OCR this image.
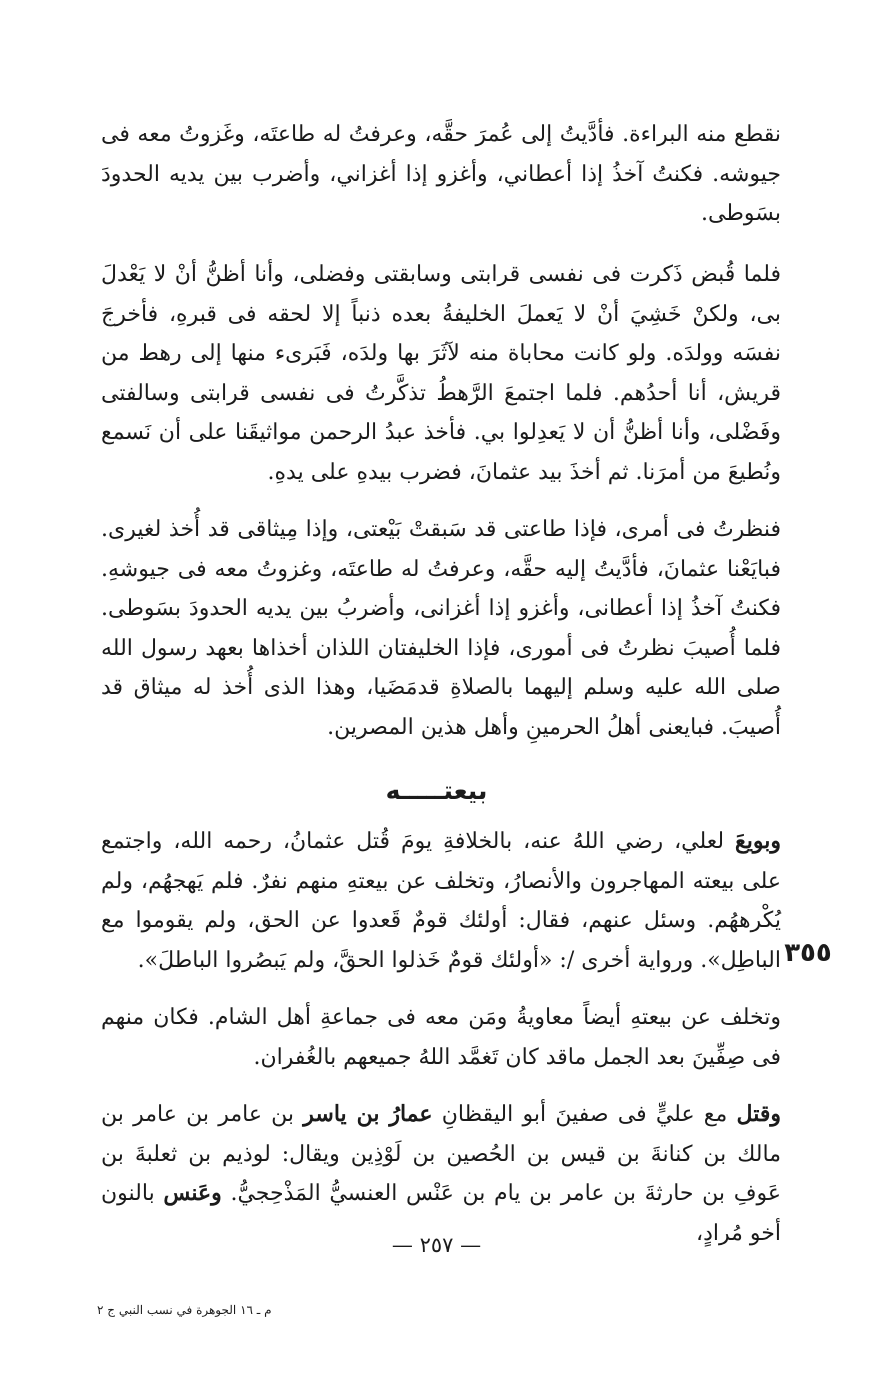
نقطع منه البراءة. فأدَّيتُ إلى عُمرَ حقَّه، وعرفتُ له طاعتَه، وغَزوتُ معه فى جيوشه. فكنتُ آخذُ إذا أعطاني، وأغزو إذا أغزاني، وأضرب بين يديه الحدودَ بسَوطى.

فلما قُبض ذَكرت فى نفسى قرابتى وسابقتى وفضلى، وأنا أظنُّ أنْ لا يَعْدلَ بى، ولكنْ خَشِيَ أنْ لا يَعملَ الخليفةُ بعده ذنباً إلا لحقه فى قبرهِ، فأخرجَ نفسَه وولدَه. ولو كانت محاباة منه لآثَرَ بها ولدَه، فَبَرىء منها إلى رهط من قريش، أنا أحدُهم. فلما اجتمعَ الرَّهطُ تذكَّرتُ فى نفسى قرابتى وسالفتى وفَضْلى، وأنا أظنُّ أن لا يَعدِلوا بي. فأخذ عبدُ الرحمن مواثيقَنا على أن نَسمع ونُطيعَ من أمرَنا. ثم أخذَ بيد عثمانَ، فضرب بيدهِ على يدهِ.

فنظرتُ فى أمرى، فإذا طاعتى قد سَبقتْ بَيْعتى، وإذا مِيثاقى قد أُخذ لغيرى. فبايَعْنا عثمانَ، فأدَّيتُ إليه حقَّه، وعرفتُ له طاعتَه، وغزوتُ معه فى جيوشهِ. فكنتُ آخذُ إذا أعطانى، وأغزو إذا أغزانى، وأضربُ بين يديه الحدودَ بسَوطى. فلما أُصيبَ نظرتُ فى أمورى، فإذا الخليفتان اللذان أخذاها بعهد رسول الله صلى الله عليه وسلم إليهما بالصلاةِ قدمَضَيا، وهذا الذى أُخذ له ميثاق قد أُصيبَ. فبايعنى أهلُ الحرمينِ وأهل هذين المصرين.

بيعتـــــه

وبويعَ لعلي، رضي اللهُ عنه، بالخلافةِ يومَ قُتل عثمانُ، رحمه الله، واجتمع على بيعته المهاجرون والأنصارُ، وتخلف عن بيعتهِ منهم نفرٌ. فلم يَهجهُم، ولم يُكْرههُم. وسئل عنهم، فقال: أولئك قومٌ قَعدوا عن الحق، ولم يقوموا مع الباطِل». ورواية أخرى /: «أولئك قومٌ خَذلوا الحقَّ، ولم يَبصُروا الباطلَ». ٣٥٥

وتخلف عن بيعتهِ أيضاً معاويةُ ومَن معه فى جماعةِ أهل الشام. فكان منهم فى صِفِّينَ بعد الجمل ماقد كان تَغمَّد اللهُ جميعهم بالغُفران.

وقتل مع عليٍّ فى صفينَ أبو اليقظانِ عمارُ بن ياسر بن عامر بن عامر بن مالك بن كنانةَ بن قيس بن الحُصين بن لَوْذِين ويقال: لوذيم بن ثعلبةَ بن عَوفِ بن حارثةَ بن عامر بن يام بن عَنْس العنسيُّ المَذْحِجيُّ. وعَنس بالنون أخو مُرادٍ،

— ٢٥٧ —
م ـ ١٦ الجوهرة في نسب النبي ج ٢
